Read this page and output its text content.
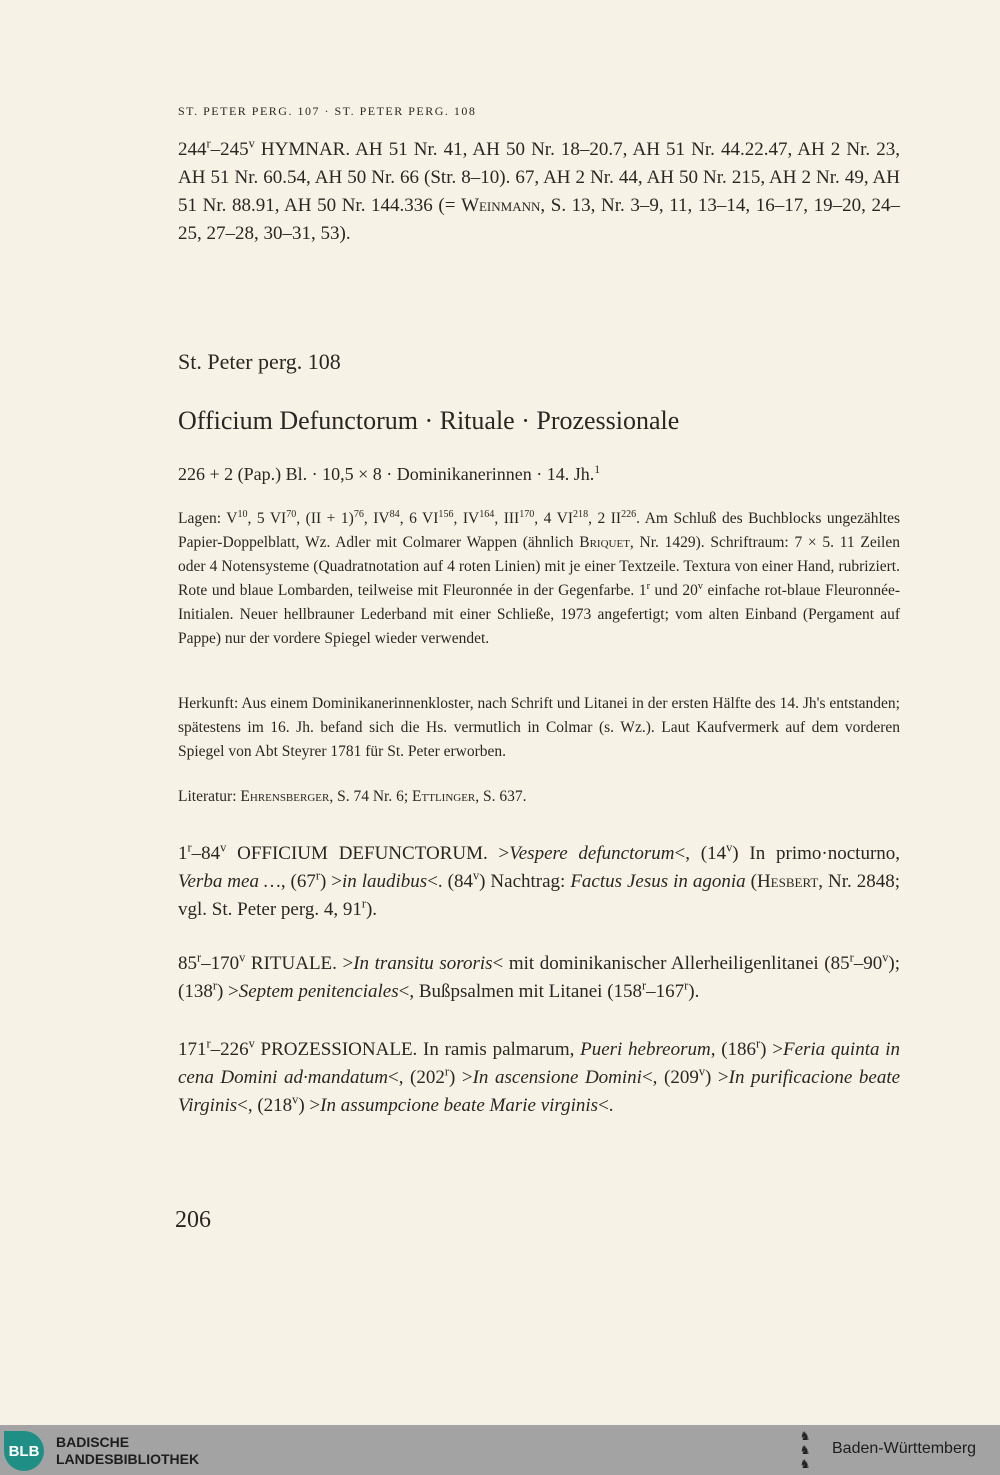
ST. PETER PERG. 107 · ST. PETER PERG. 108
244$^r$–245$^v$ HYMNAR. AH 51 Nr. 41, AH 50 Nr. 18–20.7, AH 51 Nr. 44.22.47, AH 2 Nr. 23, AH 51 Nr. 60.54, AH 50 Nr. 66 (Str. 8–10). 67, AH 2 Nr. 44, AH 50 Nr. 215, AH 2 Nr. 49, AH 51 Nr. 88.91, AH 50 Nr. 144.336 (= Weinmann, S. 13, Nr. 3–9, 11, 13–14, 16–17, 19–20, 24–25, 27–28, 30–31, 53).
St. Peter perg. 108
Officium Defunctorum · Rituale · Prozessionale
226 + 2 (Pap.) Bl. · 10,5 × 8 · Dominikanerinnen · 14. Jh.$^1$
Lagen: $V^{10}$, 5 VI$^{70}$, (II + 1)$^{76}$, IV$^{84}$, 6 VI$^{156}$, IV$^{164}$, III$^{170}$, 4 VI$^{218}$, 2 II$^{226}$. Am Schluß des Buchblocks ungezähltes Papier-Doppelblatt, Wz. Adler mit Colmarer Wappen (ähnlich Briquet, Nr. 1429). Schriftraum: 7 × 5. 11 Zeilen oder 4 Notensysteme (Quadratnotation auf 4 roten Linien) mit je einer Textzeile. Textura von einer Hand, rubriziert. Rote und blaue Lombarden, teilweise mit Fleuronnée in der Gegenfarbe. 1$^r$ und 20$^v$ einfache rot-blaue Fleuronnée-Initialen. Neuer hellbrauner Lederband mit einer Schließe, 1973 angefertigt; vom alten Einband (Pergament auf Pappe) nur der vordere Spiegel wieder verwendet.
Herkunft: Aus einem Dominikanerinnenkloster, nach Schrift und Litanei in der ersten Hälfte des 14. Jh's entstanden; spätestens im 16. Jh. befand sich die Hs. vermutlich in Colmar (s. Wz.). Laut Kaufvermerk auf dem vorderen Spiegel von Abt Steyrer 1781 für St. Peter erworben.
Literatur: Ehrensberger, S. 74 Nr. 6; Ettlinger, S. 637.
1$^r$–84$^v$ OFFICIUM DEFUNCTORUM. >Vespere defunctorum<, (14$^v$) In primo·nocturno, Verba mea …, $(67^r) >in$ laudibus<. (84$^v$) Nachtrag: Factus Jesus in agonia (Hesbert, Nr. 2848; vgl. St. Peter perg. 4, 91$^r$).
85$^r$–170$^v$ RITUALE. >In transitu sororis< mit dominikanischer Allerheiligenlitanei (85$^r$–90$^v$); $(138^r)$ >Septem penitenciales<, Bußpsalmen mit Litanei (158$^r$–167$^r$).
171$^r$–226$^v$ PROZESSIONALE. In ramis palmarum, Pueri hebreorum, $(186^r)$ >Feria quinta in cena Domini ad·mandatum<, $(202^r) >In$ ascensione Domini<, $(209^v) >In$ purificacione beate Virginis<, $(218^v) >In$ assumpcione beate Marie virginis<.
206
BLB
BADISCHE
LANDESBIBLIOTHEK
♞
♞
♞
Baden-Württemberg
